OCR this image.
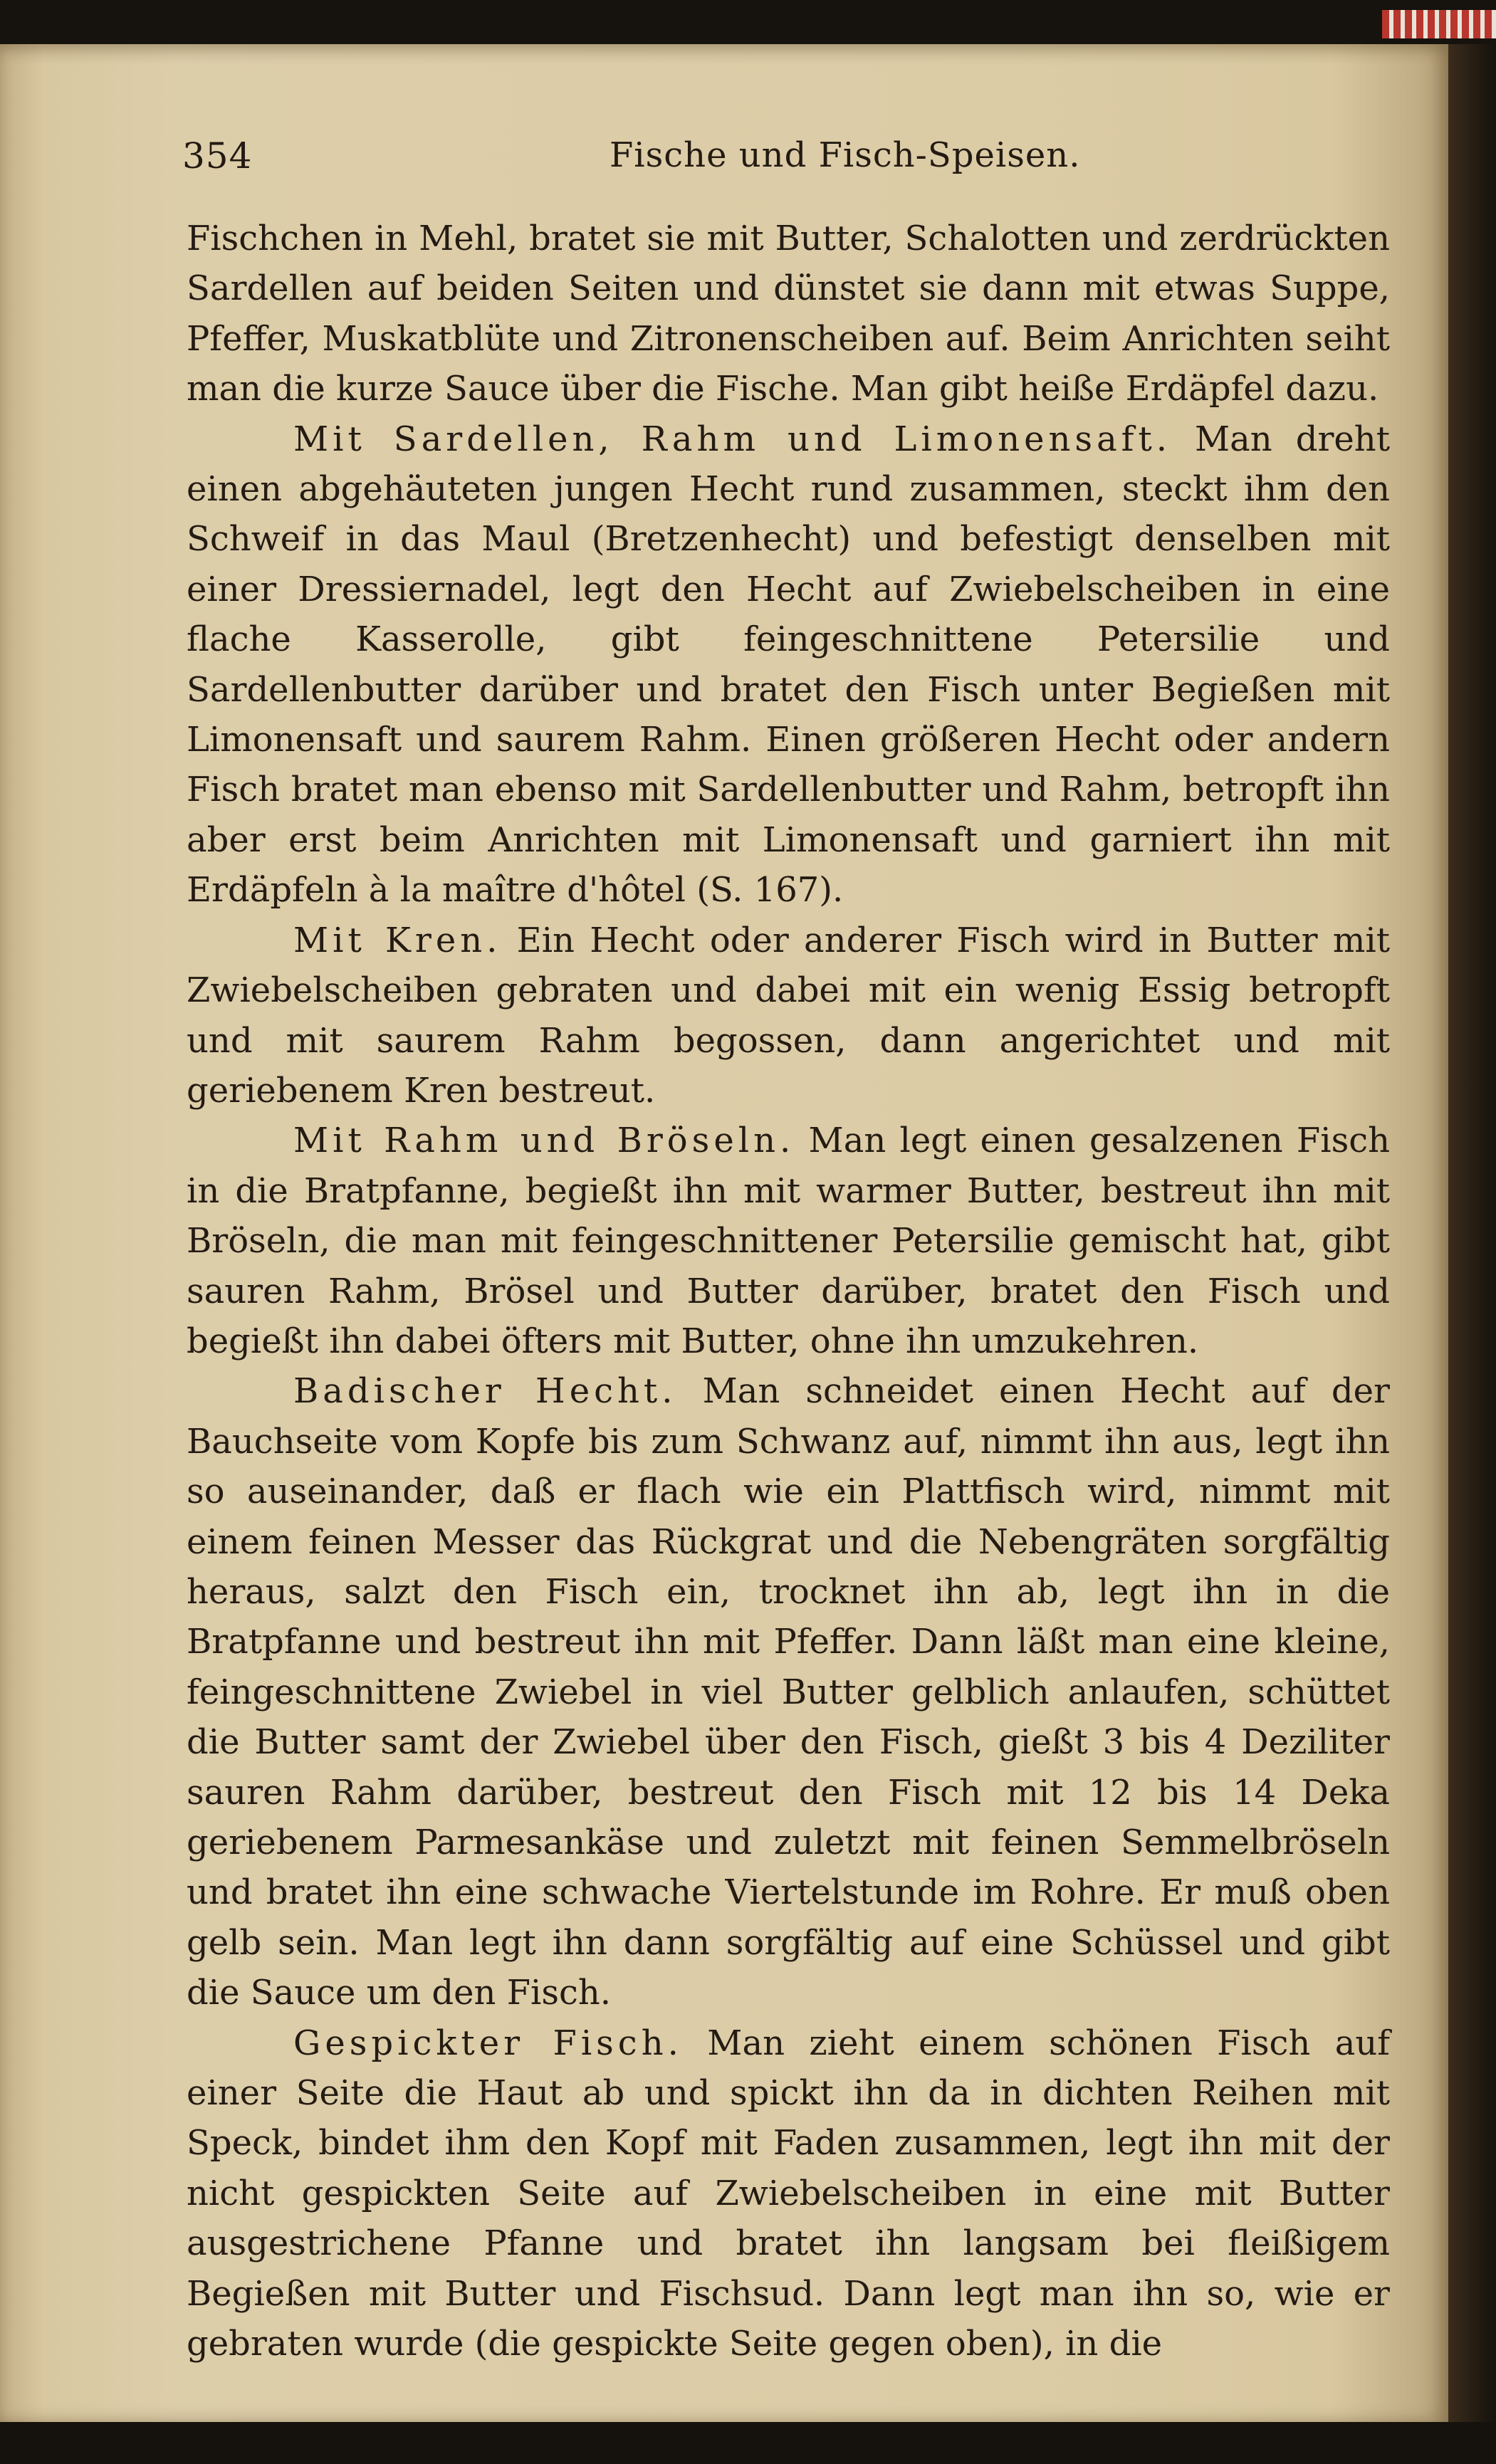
354	Fische und Fisch-Speisen.

Fischchen in Mehl, bratet sie mit Butter, Schalotten und zerdrückten Sardellen auf beiden Seiten und dünstet sie dann mit etwas Suppe, Pfeffer, Muskatblüte und Zitronenscheiben auf. Beim Anrichten seiht man die kurze Sauce über die Fische. Man gibt heiße Erdäpfel dazu.

Mit Sardellen, Rahm und Limonensaft. Man dreht einen abgehäuteten jungen Hecht rund zusammen, steckt ihm den Schweif in das Maul (Bretzenhecht) und befestigt denselben mit einer Dressiernadel, legt den Hecht auf Zwiebelscheiben in eine flache Kasserolle, gibt feingeschnittene Petersilie und Sardellenbutter darüber und bratet den Fisch unter Begießen mit Limonensaft und saurem Rahm. Einen größeren Hecht oder andern Fisch bratet man ebenso mit Sardellenbutter und Rahm, betropft ihn aber erst beim Anrichten mit Limonensaft und garniert ihn mit Erdäpfeln à la maître d'hôtel (S. 167).

Mit Kren. Ein Hecht oder anderer Fisch wird in Butter mit Zwiebelscheiben gebraten und dabei mit ein wenig Essig betropft und mit saurem Rahm begossen, dann angerichtet und mit geriebenem Kren bestreut.

Mit Rahm und Bröseln. Man legt einen gesalzenen Fisch in die Bratpfanne, begießt ihn mit warmer Butter, bestreut ihn mit Bröseln, die man mit feingeschnittener Petersilie gemischt hat, gibt sauren Rahm, Brösel und Butter darüber, bratet den Fisch und begießt ihn dabei öfters mit Butter, ohne ihn umzukehren.

Badischer Hecht. Man schneidet einen Hecht auf der Bauchseite vom Kopfe bis zum Schwanz auf, nimmt ihn aus, legt ihn so auseinander, daß er flach wie ein Plattfisch wird, nimmt mit einem feinen Messer das Rückgrat und die Nebengräten sorgfältig heraus, salzt den Fisch ein, trocknet ihn ab, legt ihn in die Bratpfanne und bestreut ihn mit Pfeffer. Dann läßt man eine kleine, feingeschnittene Zwiebel in viel Butter gelblich anlaufen, schüttet die Butter samt der Zwiebel über den Fisch, gießt 3 bis 4 Deziliter sauren Rahm darüber, bestreut den Fisch mit 12 bis 14 Deka geriebenem Parmesankäse und zuletzt mit feinen Semmelbröseln und bratet ihn eine schwache Viertelstunde im Rohre. Er muß oben gelb sein. Man legt ihn dann sorgfältig auf eine Schüssel und gibt die Sauce um den Fisch.

Gespickter Fisch. Man zieht einem schönen Fisch auf einer Seite die Haut ab und spickt ihn da in dichten Reihen mit Speck, bindet ihm den Kopf mit Faden zusammen, legt ihn mit der nicht gespickten Seite auf Zwiebelscheiben in eine mit Butter ausgestrichene Pfanne und bratet ihn langsam bei fleißigem Begießen mit Butter und Fischsud. Dann legt man ihn so, wie er gebraten wurde (die gespickte Seite gegen oben), in die
